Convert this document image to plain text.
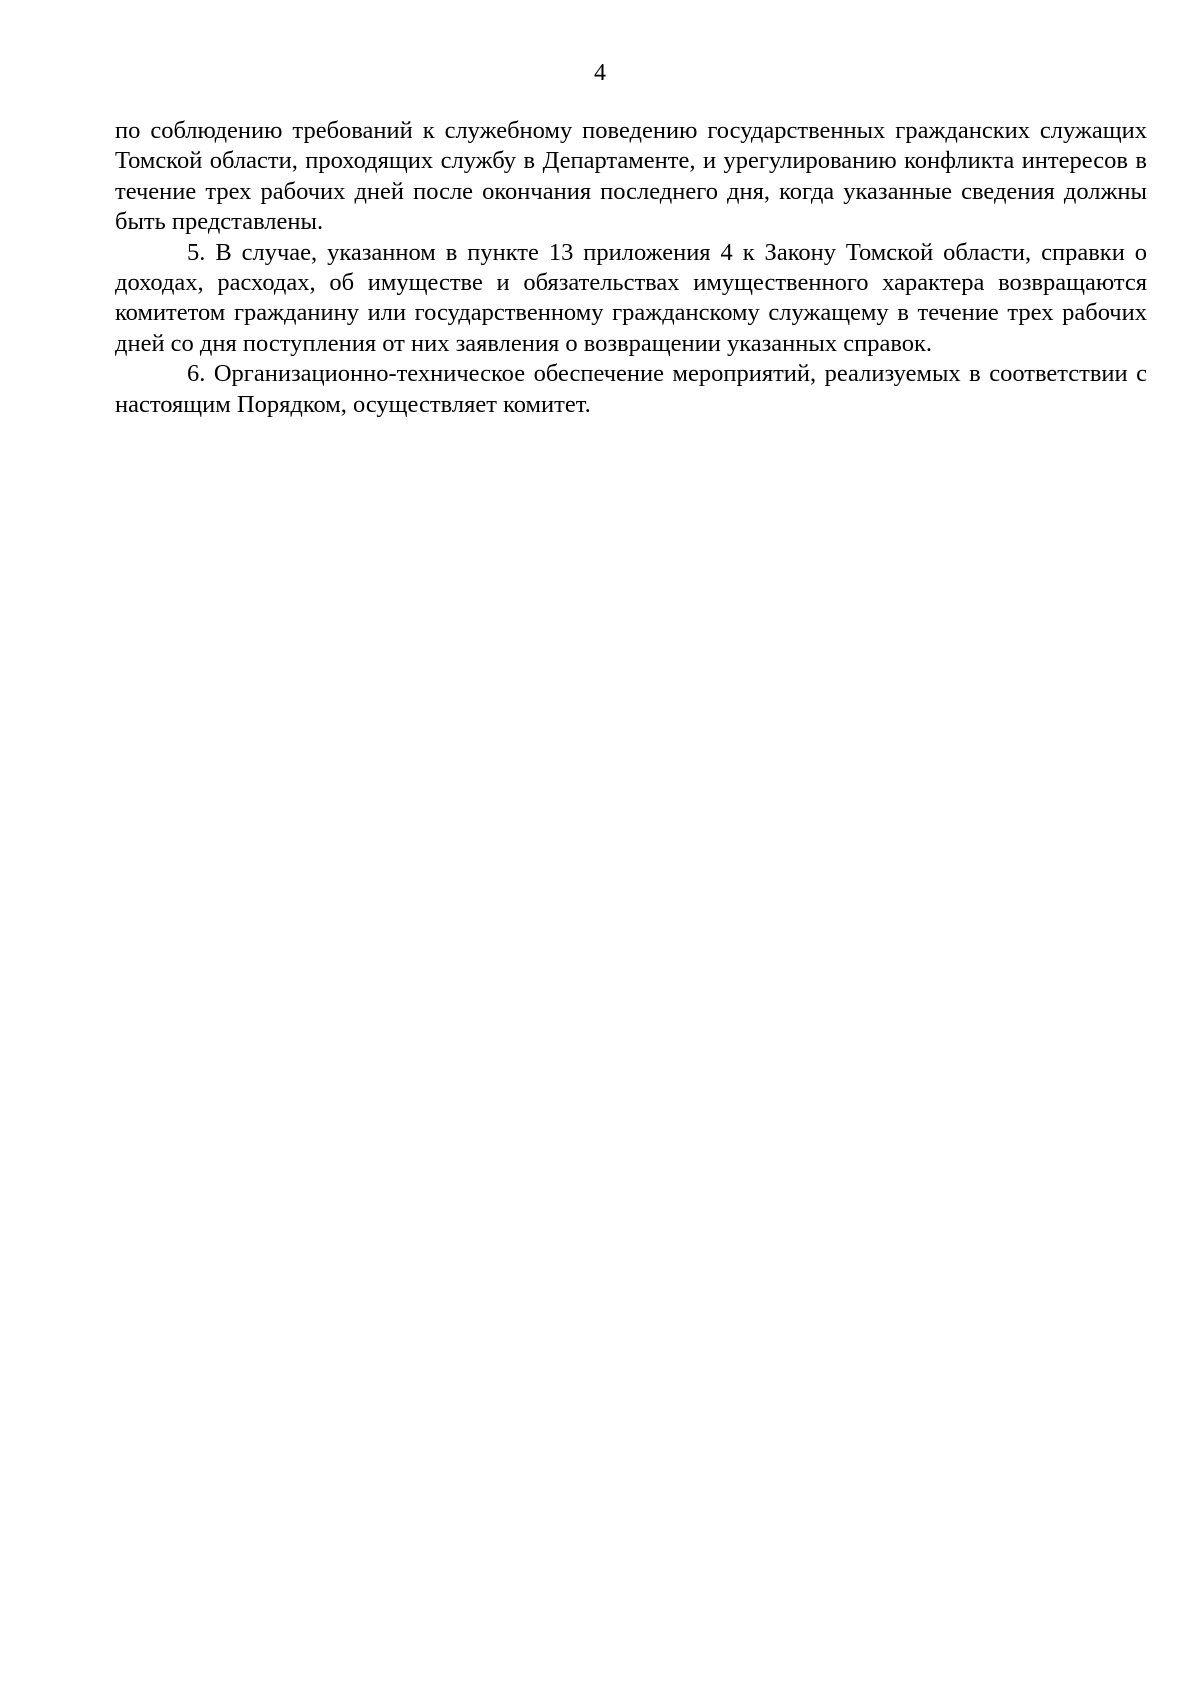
4

по соблюдению требований к служебному поведению государственных гражданских служащих Томской области, проходящих службу в Департаменте, и урегулированию конфликта интересов в течение трех рабочих дней после окончания последнего дня, когда указанные сведения должны быть представлены.

5. В случае, указанном в пункте 13 приложения 4 к Закону Томской области, справки о доходах, расходах, об имуществе и обязательствах имущественного характера возвращаются комитетом гражданину или государственному гражданскому служащему в течение трех рабочих дней со дня поступления от них заявления о возвращении указанных справок.

6. Организационно-техническое обеспечение мероприятий, реализуемых в соответствии с настоящим Порядком, осуществляет комитет.
